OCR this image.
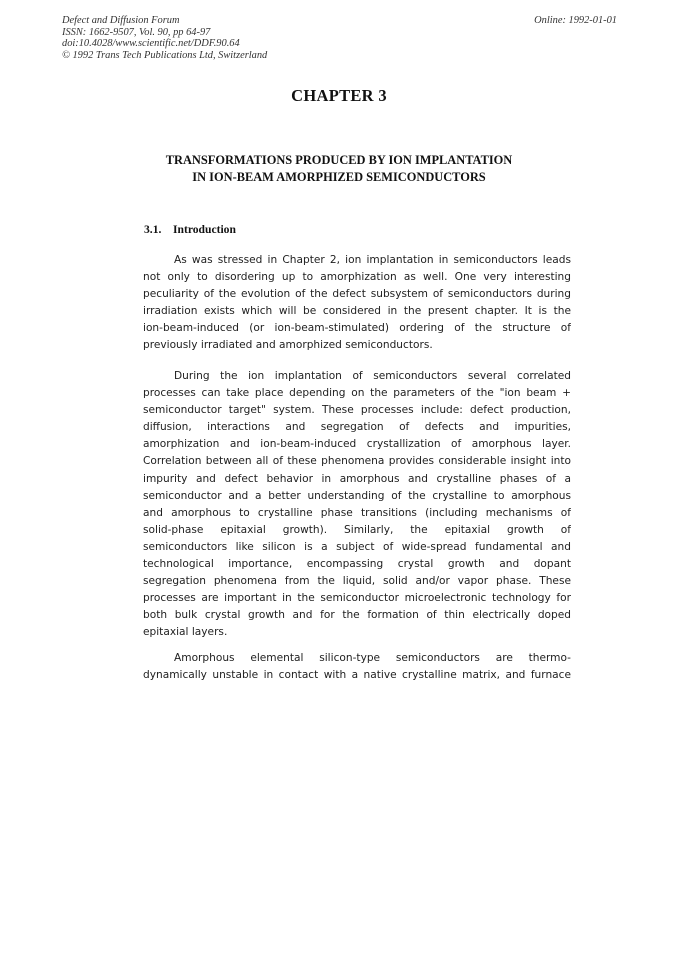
Defect and Diffusion Forum
ISSN: 1662-9507, Vol. 90, pp 64-97
doi:10.4028/www.scientific.net/DDF.90.64
© 1992 Trans Tech Publications Ltd, Switzerland
Online: 1992-01-01
CHAPTER 3
TRANSFORMATIONS PRODUCED BY ION IMPLANTATION
IN ION-BEAM AMORPHIZED SEMICONDUCTORS
3.1. Introduction
As was stressed in Chapter 2, ion implantation in semiconductors leads
not only to disordering up to amorphization as well. One very interesting
peculiarity of the evolution of the defect subsystem of semiconductors during
irradiation exists which will be considered in the present chapter. It is the
ion-beam-induced (or ion-beam-stimulated) ordering of the structure of
previously irradiated and amorphized semiconductors.
During the ion implantation of semiconductors several correlated
processes can take place depending on the parameters of the "ion beam +
semiconductor target" system. These processes include: defect production,
diffusion, interactions and segregation of defects and impurities,
amorphization and ion-beam-induced crystallization of amorphous layer.
Correlation between all of these phenomena provides considerable insight into
impurity and defect behavior in amorphous and crystalline phases of a
semiconductor and a better understanding of the crystalline to amorphous
and amorphous to crystalline phase transitions (including mechanisms of
solid-phase epitaxial growth). Similarly, the epitaxial growth of
semiconductors like silicon is a subject of wide-spread fundamental and
technological importance, encompassing crystal growth and dopant
segregation phenomena from the liquid, solid and/or vapor phase. These
processes are important in the semiconductor microelectronic technology for
both bulk crystal growth and for the formation of thin electrically doped
epitaxial layers.
Amorphous elemental silicon-type semiconductors are thermo-
dynamically unstable in contact with a native crystalline matrix, and furnace
